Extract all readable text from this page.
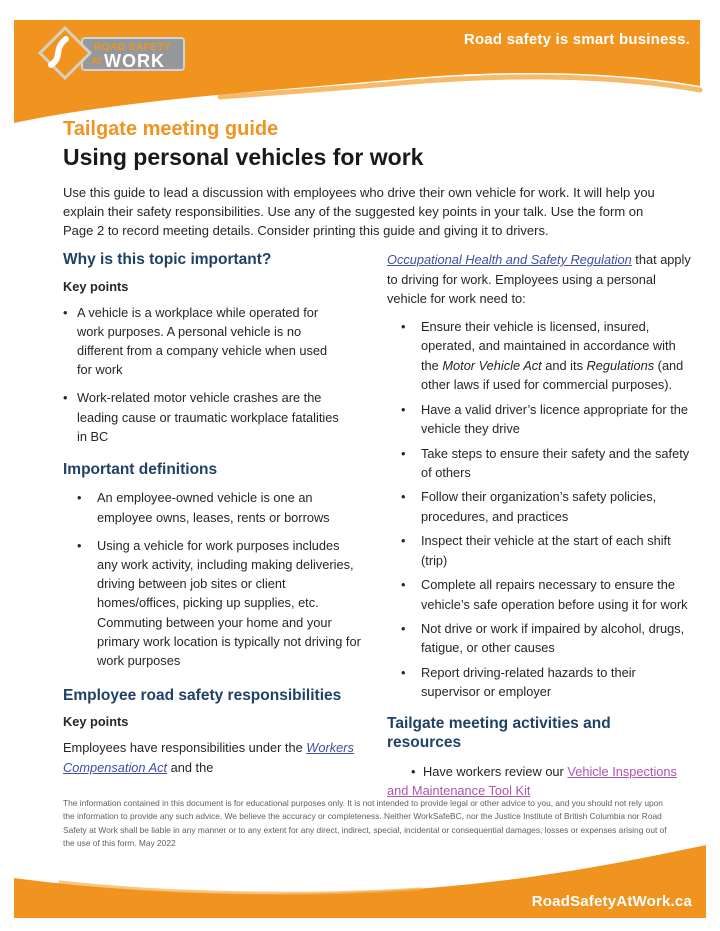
ROAD SAFETY
AT WORK
Road safety is smart business.
Tailgate meeting guide
Using personal vehicles for work

Use this guide to lead a discussion with employees who drive their own vehicle for work. It will help you explain their safety responsibilities. Use any of the suggested key points in your talk. Use the form on Page 2 to record meeting details. Consider printing this guide and giving it to drivers.

Why is this topic important?
Key points
• A vehicle is a workplace while operated for work purposes. A personal vehicle is no different from a company vehicle when used for work
• Work-related motor vehicle crashes are the leading cause or traumatic workplace fatalities in BC
Important definitions
• An employee-owned vehicle is one an employee owns, leases, rents or borrows
• Using a vehicle for work purposes includes any work activity, including making deliveries, driving between job sites or client homes/offices, picking up supplies, etc. Commuting between your home and your primary work location is typically not driving for work purposes
Employee road safety responsibilities
Key points

Employees have responsibilities under the Workers Compensation Act and the

Occupational Health and Safety Regulation that apply to driving for work. Employees using a personal vehicle for work need to:

• Ensure their vehicle is licensed, insured, operated, and maintained in accordance with the Motor Vehicle Act and its Regulations (and other laws if used for commercial purposes).
• Have a valid driver’s licence appropriate for the vehicle they drive
• Take steps to ensure their safety and the safety of others
• Follow their organization’s safety policies, procedures, and practices
• Inspect their vehicle at the start of each shift (trip)
• Complete all repairs necessary to ensure the vehicle’s safe operation before using it for work
• Not drive or work if impaired by alcohol, drugs, fatigue, or other causes
• Report driving-related hazards to their supervisor or employer
Tailgate meeting activities and resources

• Have workers review our Vehicle Inspections and Maintenance Tool Kit

The information contained in this document is for educational purposes only. It is not intended to provide legal or other advice to you, and you should not rely upon the information to provide any such advice. We believe the accuracy or completeness. Neither WorkSafeBC, nor the Justice Institute of British Columbia nor Road Safety at Work shall be liable in any manner or to any extent for any direct, indirect, special, incidental or consequential damages, losses or expenses arising out of the use of this form. May 2022
RoadSafetyAtWork.ca
